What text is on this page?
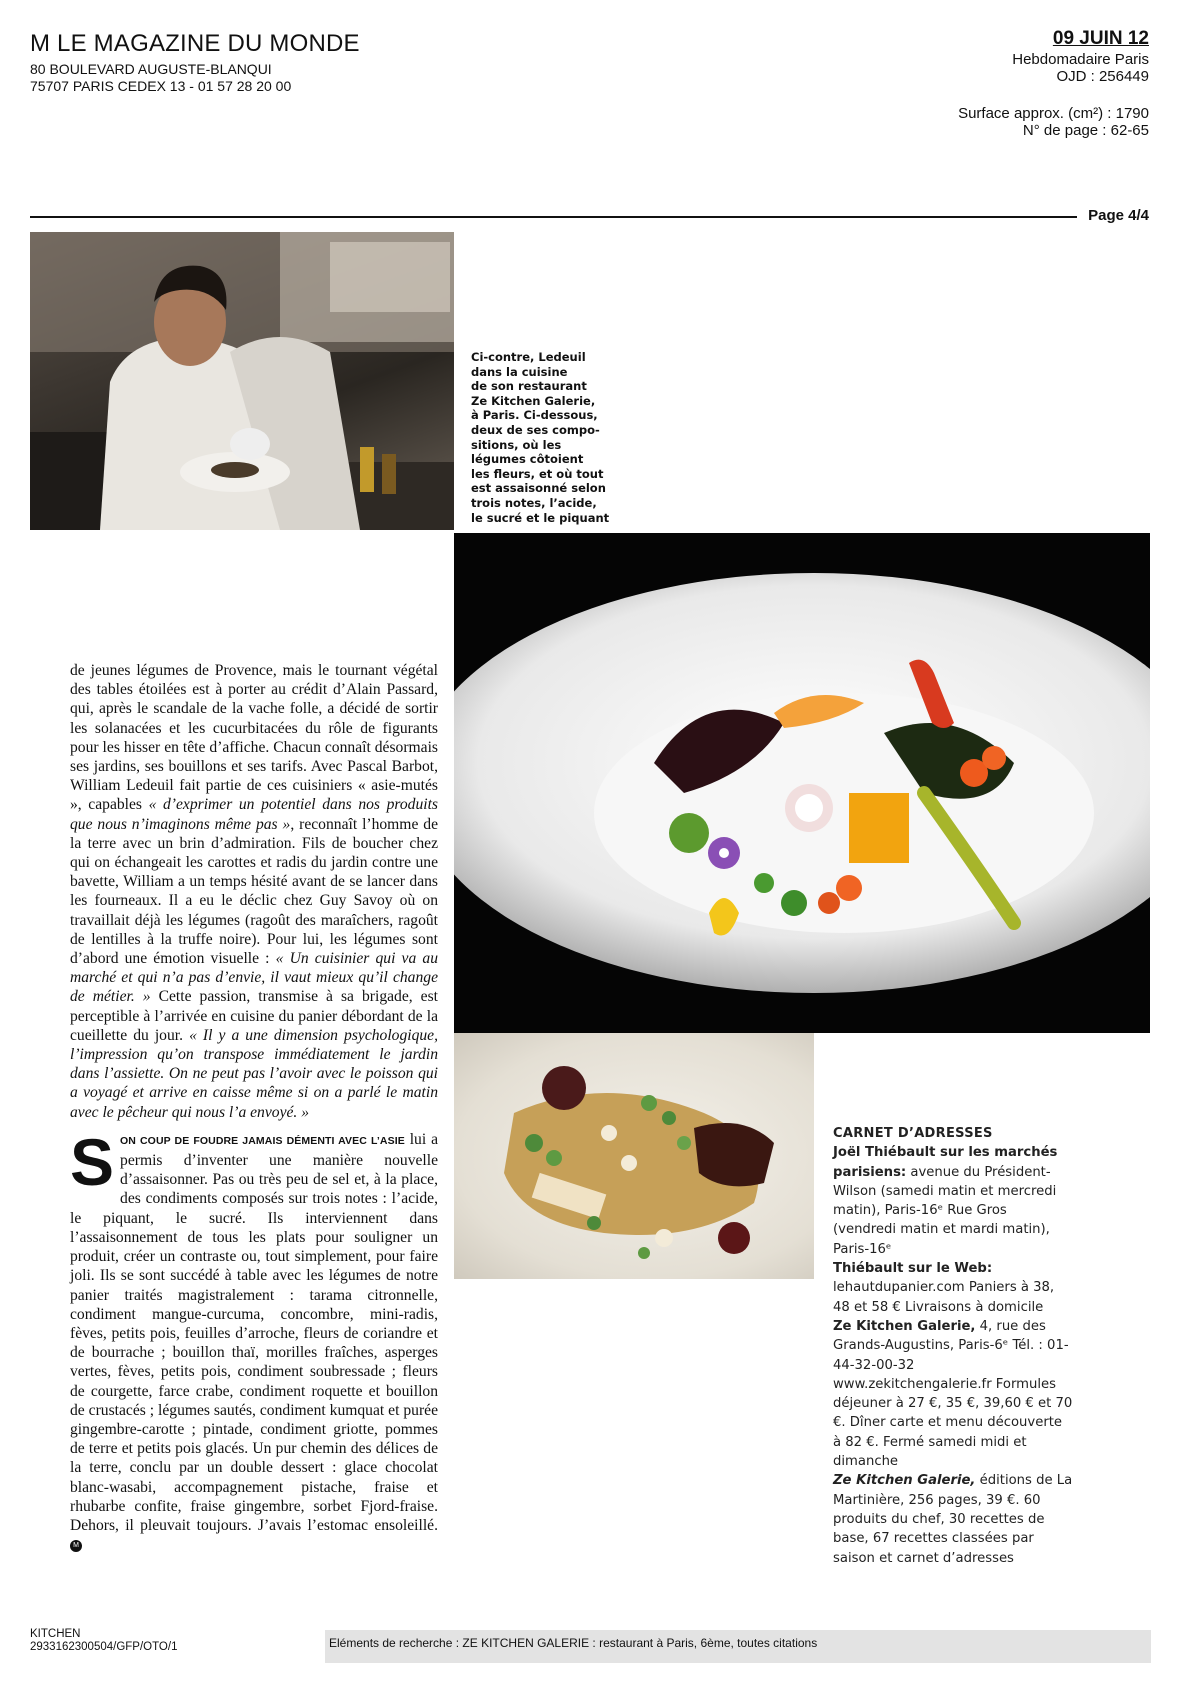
M LE MAGAZINE DU MONDE
80 BOULEVARD AUGUSTE-BLANQUI
75707 PARIS CEDEX 13 - 01 57 28 20 00
09 JUIN 12
Hebdomadaire Paris
OJD : 256449
Surface approx. (cm²) : 1790
N° de page : 62-65
Page 4/4
Ci-contre, Ledeuil
dans la cuisine
de son restaurant
Ze Kitchen Galerie,
à Paris. Ci-dessous,
deux de ses compo-
sitions, où les
légumes côtoient
les fleurs, et où tout
est assaisonné selon
trois notes, l’acide,
le sucré et le piquant

de jeunes légumes de Provence, mais le tournant végétal des tables étoilées est à porter au crédit d’Alain Passard, qui, après le scandale de la vache folle, a décidé de sortir les solanacées et les cucurbitacées du rôle de figurants pour les hisser en tête d’affiche. Chacun connaît désormais ses jardins, ses bouillons et ses tarifs. Avec Pascal Barbot, William Ledeuil fait partie de ces cuisiniers « asie-mutés », capables « d’exprimer un potentiel dans nos produits que nous n’imaginons même pas », reconnaît l’homme de la terre avec un brin d’admiration. Fils de boucher chez qui on échangeait les carottes et radis du jardin contre une bavette, William a un temps hésité avant de se lancer dans les fourneaux. Il a eu le déclic chez Guy Savoy où on travaillait déjà les légumes (ragoût des maraîchers, ragoût de lentilles à la truffe noire). Pour lui, les légumes sont d’abord une émotion visuelle : « Un cuisinier qui va au marché et qui n’a pas d’envie, il vaut mieux qu’il change de métier. » Cette passion, transmise à sa brigade, est perceptible à l’arrivée en cuisine du panier débordant de la cueillette du jour. « Il y a une dimension psychologique, l’impression qu’on transpose immédiatement le jardin dans l’assiette. On ne peut pas l’avoir avec le poisson qui a voyagé et arrive en caisse même si on a parlé le matin avec le pêcheur qui nous l’a envoyé. »

SON COUP DE FOUDRE JAMAIS DÉMENTI AVEC L’ASIE lui a permis d’inventer une manière nouvelle d’assaisonner. Pas ou très peu de sel et, à la place, des condiments composés sur trois notes : l’acide, le piquant, le sucré. Ils interviennent dans l’assaisonnement de tous les plats pour souligner un produit, créer un contraste ou, tout simplement, pour faire joli. Ils se sont succédé à table avec les légumes de notre panier traités magistralement : tarama citronnelle, condiment mangue-curcuma, concombre, mini-radis, fèves, petits pois, feuilles d’arroche, fleurs de coriandre et de bourrache ; bouillon thaï, morilles fraîches, asperges vertes, fèves, petits pois, condiment soubressade ; fleurs de courgette, farce crabe, condiment roquette et bouillon de crustacés ; légumes sautés, condiment kumquat et purée gingembre-carotte ; pintade, condiment griotte, pommes de terre et petits pois glacés. Un pur chemin des délices de la terre, conclu par un double dessert : glace chocolat blanc-wasabi, accompagnement pistache, fraise et rhubarbe confite, fraise gingembre, sorbet Fjord-fraise. Dehors, il pleuvait toujours. J’avais l’estomac ensoleillé. M

CARNET D’ADRESSES
Joël Thiébault sur les marchés parisiens: avenue du Président-Wilson (samedi matin et mercredi matin), Paris-16ᵉ Rue Gros (vendredi matin et mardi matin), Paris-16ᵉ
Thiébault sur le Web: lehautdupanier.com Paniers à 38, 48 et 58 € Livraisons à domicile
Ze Kitchen Galerie, 4, rue des Grands-Augustins, Paris-6ᵉ Tél. : 01-44-32-00-32 www.zekitchengalerie.fr Formules déjeuner à 27 €, 35 €, 39,60 € et 70 €. Dîner carte et menu découverte à 82 €. Fermé samedi midi et dimanche
Ze Kitchen Galerie, éditions de La Martinière, 256 pages, 39 €. 60 produits du chef, 30 recettes de base, 67 recettes classées par saison et carnet d’adresses
KITCHEN
2933162300504/GFP/OTO/1	Eléments de recherche : ZE KITCHEN GALERIE : restaurant à Paris, 6ème, toutes citations
